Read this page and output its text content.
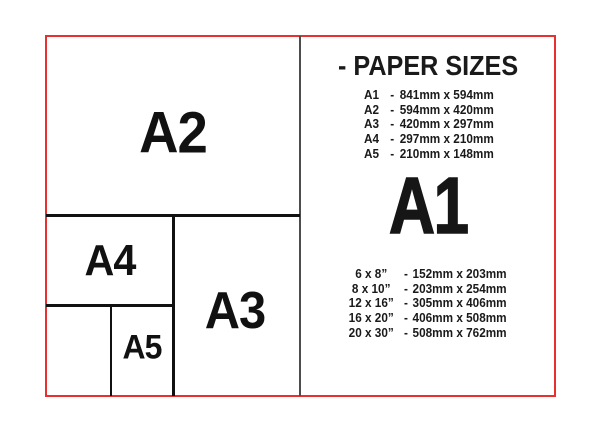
A2
A4
A3
A5
- PAPER SIZES
A1 - 841mm x 594mm
A2 - 594mm x 420mm
A3 - 420mm x 297mm
A4 - 297mm x 210mm
A5 - 210mm x 148mm
A1
6 x 8”	- 152mm x 203mm
8 x 10”	- 203mm x 254mm
12 x 16” - 305mm x 406mm
16 x 20” - 406mm x 508mm
20 x 30” - 508mm x 762mm
